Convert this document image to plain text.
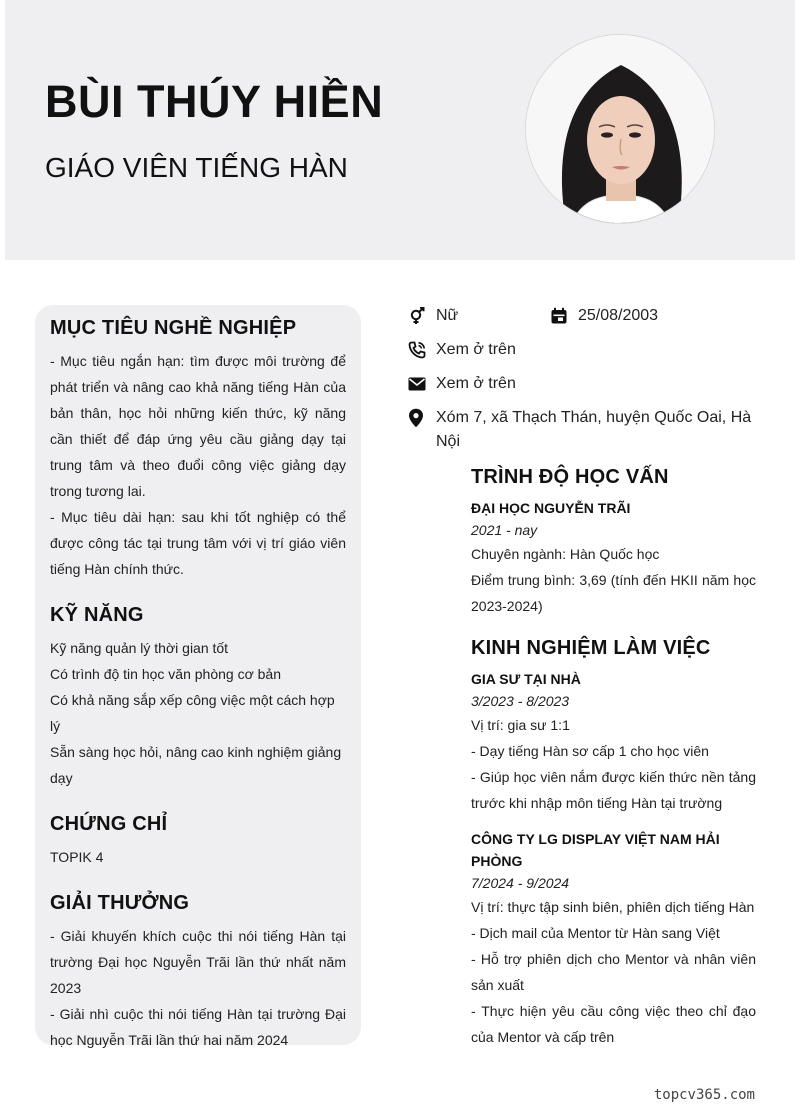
BÙI THÚY HIỀN
GIÁO VIÊN TIẾNG HÀN
MỤC TIÊU NGHỀ NGHIỆP
- Mục tiêu ngắn hạn: tìm được môi trường để phát triển và nâng cao khả năng tiếng Hàn của bản thân, học hỏi những kiến thức, kỹ năng cần thiết để đáp ứng yêu cầu giảng dạy tại trung tâm và theo đuổi công việc giảng dạy trong tương lai.
- Mục tiêu dài hạn: sau khi tốt nghiệp có thể được công tác tại trung tâm với vị trí giáo viên tiếng Hàn chính thức.
KỸ NĂNG
Kỹ năng quản lý thời gian tốt
Có trình độ tin học văn phòng cơ bản
Có khả năng sắp xếp công việc một cách hợp lý
Sẵn sàng học hỏi, nâng cao kinh nghiệm giảng dạy
CHỨNG CHỈ
TOPIK 4
GIẢI THƯỞNG
- Giải khuyến khích cuộc thi nói tiếng Hàn tại trường Đại học Nguyễn Trãi lần thứ nhất năm 2023
- Giải nhì cuộc thi nói tiếng Hàn tại trường Đại học Nguyễn Trãi lần thứ hai năm 2024
Nữ	25/08/2003
Xem ở trên
Xem ở trên
Xóm 7, xã Thạch Thán, huyện Quốc Oai, Hà Nội
TRÌNH ĐỘ HỌC VẤN
ĐẠI HỌC NGUYỄN TRÃI
2021 - nay
Chuyên ngành: Hàn Quốc học
Điểm trung bình: 3,69 (tính đến HKII năm học 2023-2024)
KINH NGHIỆM LÀM VIỆC
GIA SƯ TẠI NHÀ
3/2023 - 8/2023
Vị trí: gia sư 1:1
- Dạy tiếng Hàn sơ cấp 1 cho học viên
- Giúp học viên nắm được kiến thức nền tảng trước khi nhập môn tiếng Hàn tại trường
CÔNG TY LG DISPLAY VIỆT NAM HẢI PHÒNG
7/2024 - 9/2024
Vị trí: thực tập sinh biên, phiên dịch tiếng Hàn
- Dịch mail của Mentor từ Hàn sang Việt
- Hỗ trợ phiên dịch cho Mentor và nhân viên sản xuất
- Thực hiện yêu cầu công việc theo chỉ đạo của Mentor và cấp trên
topcv365.com
